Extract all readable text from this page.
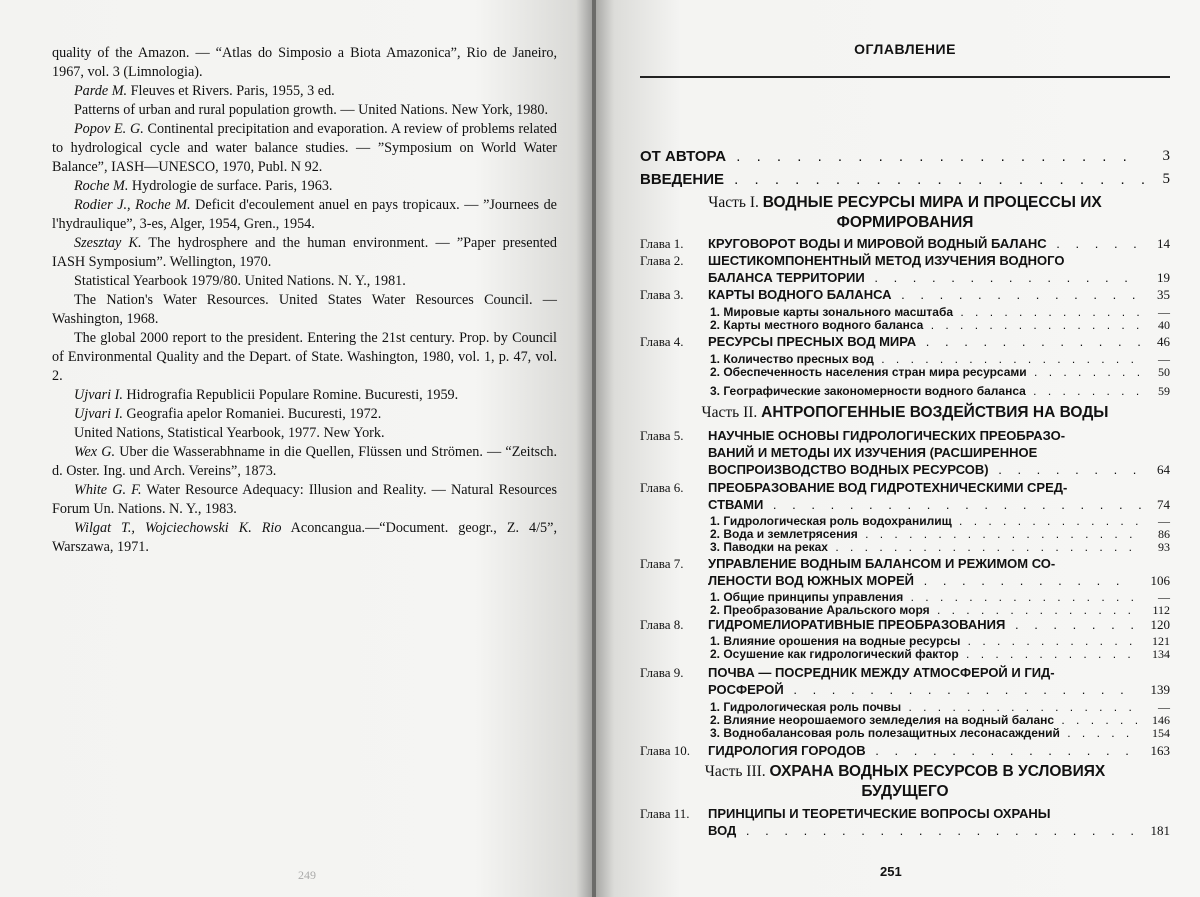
quality of the Amazon. — “Atlas do Simposio a Biota Amazonica”, Rio de Janeiro, 1967, vol. 3 (Limnologia).

Parde M. Fleuves et Rivers. Paris, 1955, 3 ed.

Patterns of urban and rural population growth. — United Nations. New York, 1980.

Popov E. G. Continental precipitation and evaporation. A review of problems related to hydrological cycle and water balance studies. — ”Symposium on World Water Balance”, IASH—UNESCO, 1970, Publ. N 92.

Roche M. Hydrologie de surface. Paris, 1963.

Rodier J., Roche M. Deficit d'ecoulement anuel en pays tropicaux. — ”Journees de l'hydraulique”, 3-es, Alger, 1954, Gren., 1954.

Szesztay K. The hydrosphere and the human environment. — ”Paper presented IASH Symposium”. Wellington, 1970.

Statistical Yearbook 1979/80. United Nations. N. Y., 1981.

The Nation's Water Resources. United States Water Resources Council. — Washington, 1968.

The global 2000 report to the president. Entering the 21st century. Prop. by Council of Environmental Quality and the Depart. of State. Washington, 1980, vol. 1, p. 47, vol. 2.

Ujvari I. Hidrografia Republicii Populare Romine. Bucuresti, 1959.

Ujvari I. Geografia apelor Romaniei. Bucuresti, 1972.

United Nations, Statistical Yearbook, 1977. New York.

Wex G. Uber die Wasserabhname in die Quellen, Flüssen und Strömen. — “Zeitsch. d. Oster. Ing. und Arch. Vereins”, 1873.

White G. F. Water Resource Adequacy: Illusion and Reality. — Natural Resources Forum Un. Nations. N. Y., 1983.

Wilgat T., Wojciechowski K. Rio Aconcangua.—“Document. geogr., Z. 4/5”, Warszawa, 1971.

249
ОГЛАВЛЕНИЕ
ОТ АВТОРА . . . . . . . . . . . . . . . . . . . . 3
ВВЕДЕНИЕ . . . . . . . . . . . . . . . . . . . . . 5
Часть I. ВОДНЫЕ РЕСУРСЫ МИРА И ПРОЦЕССЫ ИХ
ФОРМИРОВАНИЯ
Глава 1. КРУГОВОРОТ ВОДЫ И МИРОВОЙ ВОДНЫЙ БАЛАНС . . . . . 14
Глава 2. ШЕСТИКОМПОНЕНТНЫЙ МЕТОД ИЗУЧЕНИЯ ВОДНОГО
БАЛАНСА ТЕРРИТОРИИ . . . . . . . . . . . . . . 19
Глава 3. КАРТЫ ВОДНОГО БАЛАНСА . . . . . . . . . . . . . 35
1. Мировые карты зонального масштаба . . . . . . . . . . . . . —
2. Карты местного водного баланса . . . . . . . . . . . . . . . 40
Глава 4. РЕСУРСЫ ПРЕСНЫХ ВОД МИРА . . . . . . . . . . . . 46
1. Количество пресных вод . . . . . . . . . . . . . . . . . . —
2. Обеспеченность населения стран мира ресурсами . . . . . . . . 50
3. Географические закономерности водного баланса . . . . . . . . 59
Часть II. АНТРОПОГЕННЫЕ ВОЗДЕЙСТВИЯ НА ВОДЫ
Глава 5. НАУЧНЫЕ ОСНОВЫ ГИДРОЛОГИЧЕСКИХ ПРЕОБРАЗО-
ВАНИЙ И МЕТОДЫ ИХ ИЗУЧЕНИЯ (РАСШИРЕННОЕ
ВОСПРОИЗВОДСТВО ВОДНЫХ РЕСУРСОВ) . . . . . . . . 64
Глава 6. ПРЕОБРАЗОВАНИЕ ВОД ГИДРОТЕХНИЧЕСКИМИ СРЕД-
СТВАМИ . . . . . . . . . . . . . . . . . . . . 74
1. Гидрологическая роль водохранилищ . . . . . . . . . . . . . —
2. Вода и землетрясения . . . . . . . . . . . . . . . . . . . 86
3. Паводки на реках . . . . . . . . . . . . . . . . . . . . . 93
Глава 7. УПРАВЛЕНИЕ ВОДНЫМ БАЛАНСОМ И РЕЖИМОМ СО-
ЛЕНОСТИ ВОД ЮЖНЫХ МОРЕЙ . . . . . . . . . . . 106
1. Общие принципы управления . . . . . . . . . . . . . . . . —
2. Преобразование Аральского моря . . . . . . . . . . . . . . 112
Глава 8. ГИДРОМЕЛИОРАТИВНЫЕ ПРЕОБРАЗОВАНИЯ . . . . . . . 120
1. Влияние орошения на водные ресурсы . . . . . . . . . . . . 121
2. Осушение как гидрологический фактор . . . . . . . . . . . . 134
Глава 9. ПОЧВА — ПОСРЕДНИК МЕЖДУ АТМОСФЕРОЙ И ГИД-
РОСФЕРОЙ . . . . . . . . . . . . . . . . . . 139
1. Гидрологическая роль почвы . . . . . . . . . . . . . . . . —
2. Влияние неорошаемого земледелия на водный баланс . . . . . . 146
3. Воднобалансовая роль полезащитных лесонасаждений . . . . . 154
Глава 10. ГИДРОЛОГИЯ ГОРОДОВ . . . . . . . . . . . . . . 163
Часть III. ОХРАНА ВОДНЫХ РЕСУРСОВ В УСЛОВИЯХ
БУДУЩЕГО
Глава 11. ПРИНЦИПЫ И ТЕОРЕТИЧЕСКИЕ ВОПРОСЫ ОХРАНЫ
ВОД . . . . . . . . . . . . . . . . . . . . . 181
251
